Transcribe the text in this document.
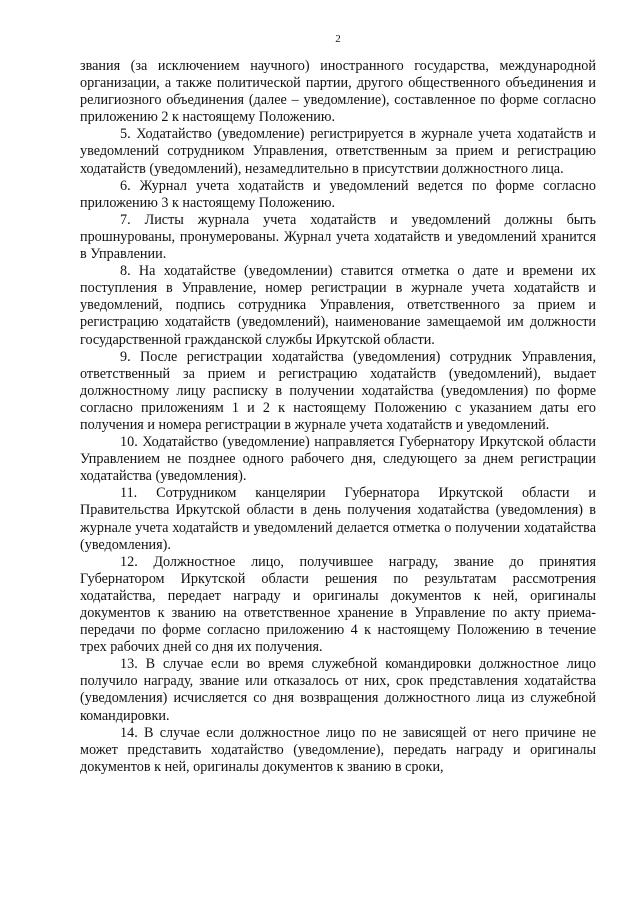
2

звания (за исключением научного) иностранного государства, международной организации, а также политической партии, другого общественного объединения и религиозного объединения (далее – уведомление), составленное по форме согласно приложению 2 к настоящему Положению.

5. Ходатайство (уведомление) регистрируется в журнале учета ходатайств и уведомлений сотрудником Управления, ответственным за прием и регистрацию ходатайств (уведомлений), незамедлительно в присутствии должностного лица.

6. Журнал учета ходатайств и уведомлений ведется по форме согласно приложению 3 к настоящему Положению.

7. Листы журнала учета ходатайств и уведомлений должны быть прошнурованы, пронумерованы. Журнал учета ходатайств и уведомлений хранится в Управлении.

8. На ходатайстве (уведомлении) ставится отметка о дате и времени их поступления в Управление, номер регистрации в журнале учета ходатайств и уведомлений, подпись сотрудника Управления, ответственного за прием и регистрацию ходатайств (уведомлений), наименование замещаемой им должности государственной гражданской службы Иркутской области.

9. После регистрации ходатайства (уведомления) сотрудник Управления, ответственный за прием и регистрацию ходатайств (уведомлений), выдает должностному лицу расписку в получении ходатайства (уведомления) по форме согласно приложениям 1 и 2 к настоящему Положению с указанием даты его получения и номера регистрации в журнале учета ходатайств и уведомлений.

10. Ходатайство (уведомление) направляется Губернатору Иркутской области Управлением не позднее одного рабочего дня, следующего за днем регистрации ходатайства (уведомления).

11. Сотрудником канцелярии Губернатора Иркутской области и Правительства Иркутской области в день получения ходатайства (уведомления) в журнале учета ходатайств и уведомлений делается отметка о получении ходатайства (уведомления).

12. Должностное лицо, получившее награду, звание до принятия Губернатором Иркутской области решения по результатам рассмотрения ходатайства, передает награду и оригиналы документов к ней, оригиналы документов к званию на ответственное хранение в Управление по акту приема-передачи по форме согласно приложению 4 к настоящему Положению в течение трех рабочих дней со дня их получения.

13. В случае если во время служебной командировки должностное лицо получило награду, звание или отказалось от них, срок представления ходатайства (уведомления) исчисляется со дня возвращения должностного лица из служебной командировки.

14. В случае если должностное лицо по не зависящей от него причине не может представить ходатайство (уведомление), передать награду и оригиналы документов к ней, оригиналы документов к званию в сроки,
